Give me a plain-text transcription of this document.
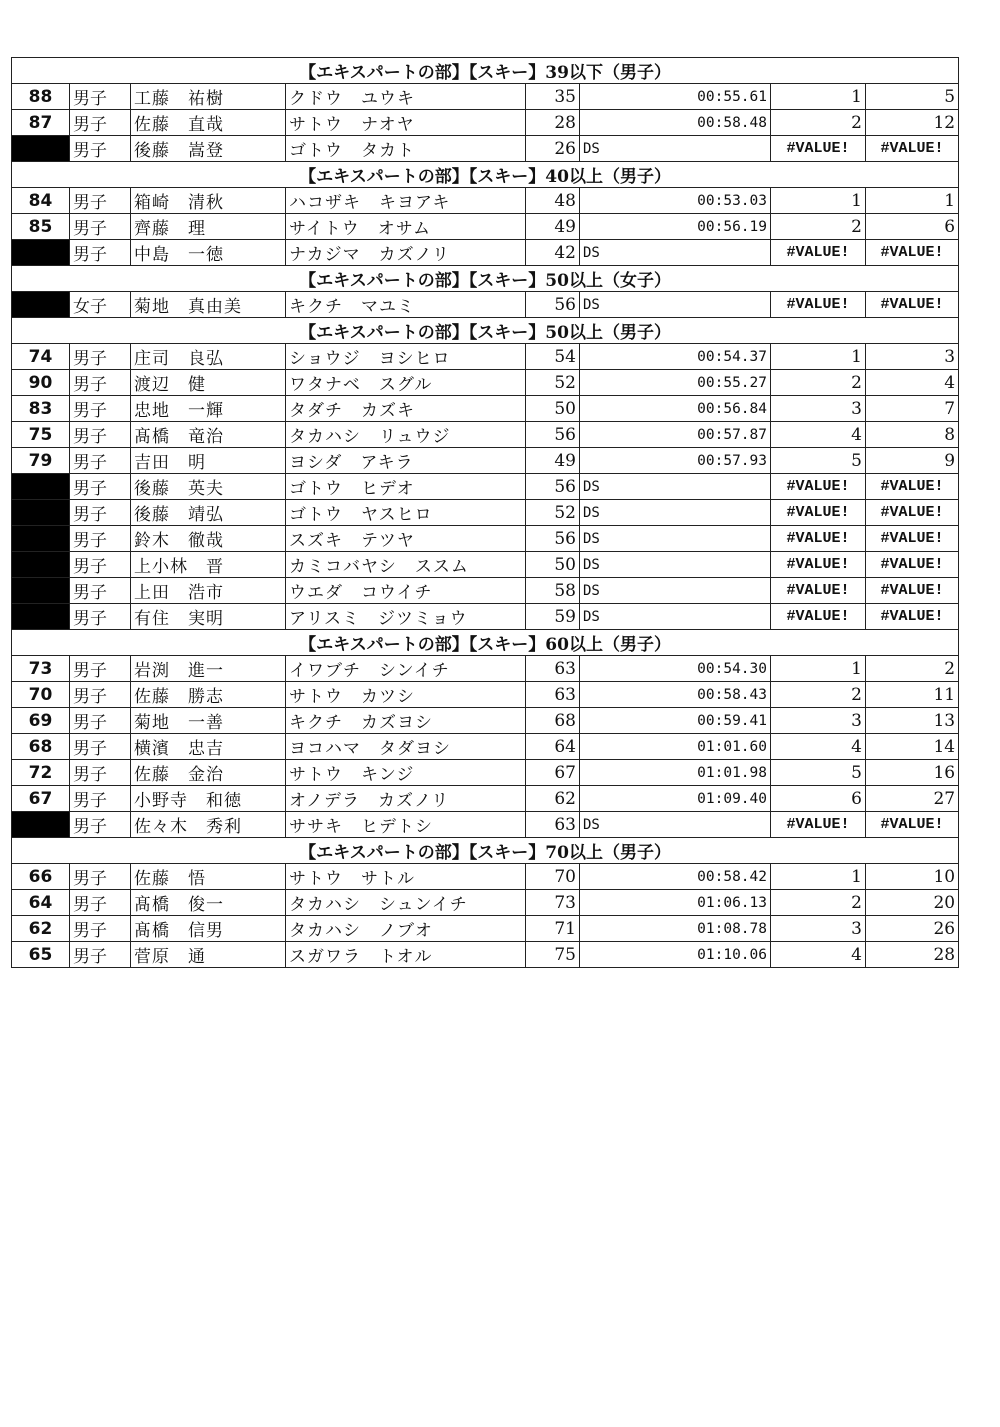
【エキスパートの部】【スキー】39以下（男子）							
88	男子	工藤　祐樹	クドウ　ユウキ	35	00:55.61	1	5
87	男子	佐藤　直哉	サトウ　ナオヤ	28	00:58.48	2	12
	男子	後藤　嵩登	ゴトウ　タカト	26	DS	#VALUE!	#VALUE!
【エキスパートの部】【スキー】40以上（男子）							
84	男子	箱崎　清秋	ハコザキ　キヨアキ	48	00:53.03	1	1
85	男子	齊藤　理	サイトウ　オサム	49	00:56.19	2	6
	男子	中島　一徳	ナカジマ　カズノリ	42	DS	#VALUE!	#VALUE!
【エキスパートの部】【スキー】50以上（女子）							
	女子	菊地　真由美	キクチ　マユミ	56	DS	#VALUE!	#VALUE!
【エキスパートの部】【スキー】50以上（男子）							
74	男子	庄司　良弘	ショウジ　ヨシヒロ	54	00:54.37	1	3
90	男子	渡辺　健	ワタナベ　スグル	52	00:55.27	2	4
83	男子	忠地　一輝	タダチ　カズキ	50	00:56.84	3	7
75	男子	髙橋　竜治	タカハシ　リュウジ	56	00:57.87	4	8
79	男子	吉田　明	ヨシダ　アキラ	49	00:57.93	5	9
	男子	後藤　英夫	ゴトウ　ヒデオ	56	DS	#VALUE!	#VALUE!
	男子	後藤　靖弘	ゴトウ　ヤスヒロ	52	DS	#VALUE!	#VALUE!
	男子	鈴木　徹哉	スズキ　テツヤ	56	DS	#VALUE!	#VALUE!
	男子	上小林　晋	カミコバヤシ　ススム	50	DS	#VALUE!	#VALUE!
	男子	上田　浩市	ウエダ　コウイチ	58	DS	#VALUE!	#VALUE!
	男子	有住　実明	アリスミ　ジツミョウ	59	DS	#VALUE!	#VALUE!
【エキスパートの部】【スキー】60以上（男子）							
73	男子	岩渕　進一	イワブチ　シンイチ	63	00:54.30	1	2
70	男子	佐藤　勝志	サトウ　カツシ	63	00:58.43	2	11
69	男子	菊地　一善	キクチ　カズヨシ	68	00:59.41	3	13
68	男子	横濱　忠吉	ヨコハマ　タダヨシ	64	01:01.60	4	14
72	男子	佐藤　金治	サトウ　キンジ	67	01:01.98	5	16
67	男子	小野寺　和徳	オノデラ　カズノリ	62	01:09.40	6	27
	男子	佐々木　秀利	ササキ　ヒデトシ	63	DS	#VALUE!	#VALUE!
【エキスパートの部】【スキー】70以上（男子）							
66	男子	佐藤　悟	サトウ　サトル	70	00:58.42	1	10
64	男子	髙橋　俊一	タカハシ　シュンイチ	73	01:06.13	2	20
62	男子	髙橋　信男	タカハシ　ノブオ	71	01:08.78	3	26
65	男子	菅原　通	スガワラ　トオル	75	01:10.06	4	28
